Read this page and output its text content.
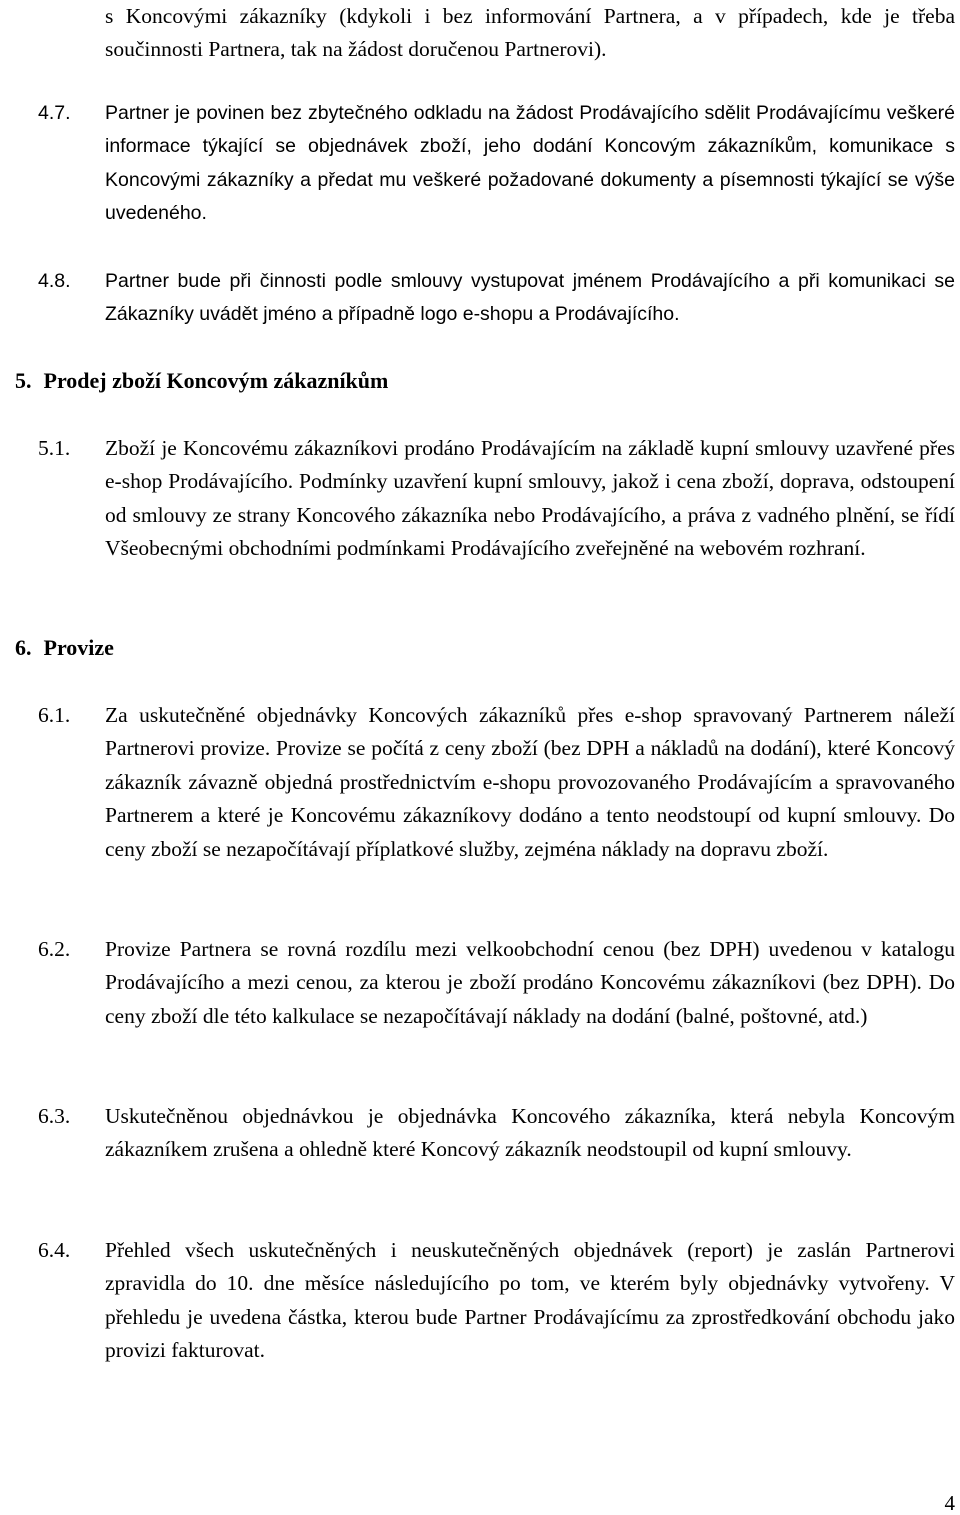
s Koncovými zákazníky (kdykoli i bez informování Partnera, a v případech, kde je třeba součinnosti Partnera, tak na žádost doručenou Partnerovi).
4.7. Partner je povinen bez zbytečného odkladu na žádost Prodávajícího sdělit Prodávajícímu veškeré informace týkající se objednávek zboží, jeho dodání Koncovým zákazníkům, komunikace s Koncovými zákazníky a předat mu veškeré požadované dokumenty a písemnosti týkající se výše uvedeného.
4.8. Partner bude při činnosti podle smlouvy vystupovat jménem Prodávajícího a při komunikaci se Zákazníky uvádět jméno a případně logo e-shopu a Prodávajícího.
5. Prodej zboží Koncovým zákazníkům
5.1. Zboží je Koncovému zákazníkovi prodáno Prodávajícím na základě kupní smlouvy uzavřené přes e-shop Prodávajícího. Podmínky uzavření kupní smlouvy, jakož i cena zboží, doprava, odstoupení od smlouvy ze strany Koncového zákazníka nebo Prodávajícího, a práva z vadného plnění, se řídí Všeobecnými obchodními podmínkami Prodávajícího zveřejněné na webovém rozhraní.
6. Provize
6.1. Za uskutečněné objednávky Koncových zákazníků přes e-shop spravovaný Partnerem náleží Partnerovi provize. Provize se počítá z ceny zboží (bez DPH a nákladů na dodání), které Koncový zákazník závazně objedná prostřednictvím e-shopu provozovaného Prodávajícím a spravovaného Partnerem a které je Koncovému zákazníkovy dodáno a tento neodstoupí od kupní smlouvy. Do ceny zboží se nezapočítávají příplatkové služby, zejména náklady na dopravu zboží.
6.2. Provize Partnera se rovná rozdílu mezi velkoobchodní cenou (bez DPH) uvedenou v katalogu Prodávajícího a mezi cenou, za kterou je zboží prodáno Koncovému zákazníkovi (bez DPH). Do ceny zboží dle této kalkulace se nezapočítávají náklady na dodání (balné, poštovné, atd.)
6.3. Uskutečněnou objednávkou je objednávka Koncového zákazníka, která nebyla Koncovým zákazníkem zrušena a ohledně které Koncový zákazník neodstoupil od kupní smlouvy.
6.4. Přehled všech uskutečněných i neuskutečněných objednávek (report) je zaslán Partnerovi zpravidla do 10. dne měsíce následujícího po tom, ve kterém byly objednávky vytvořeny. V přehledu je uvedena částka, kterou bude Partner Prodávajícímu za zprostředkování obchodu jako provizi fakturovat.
4
